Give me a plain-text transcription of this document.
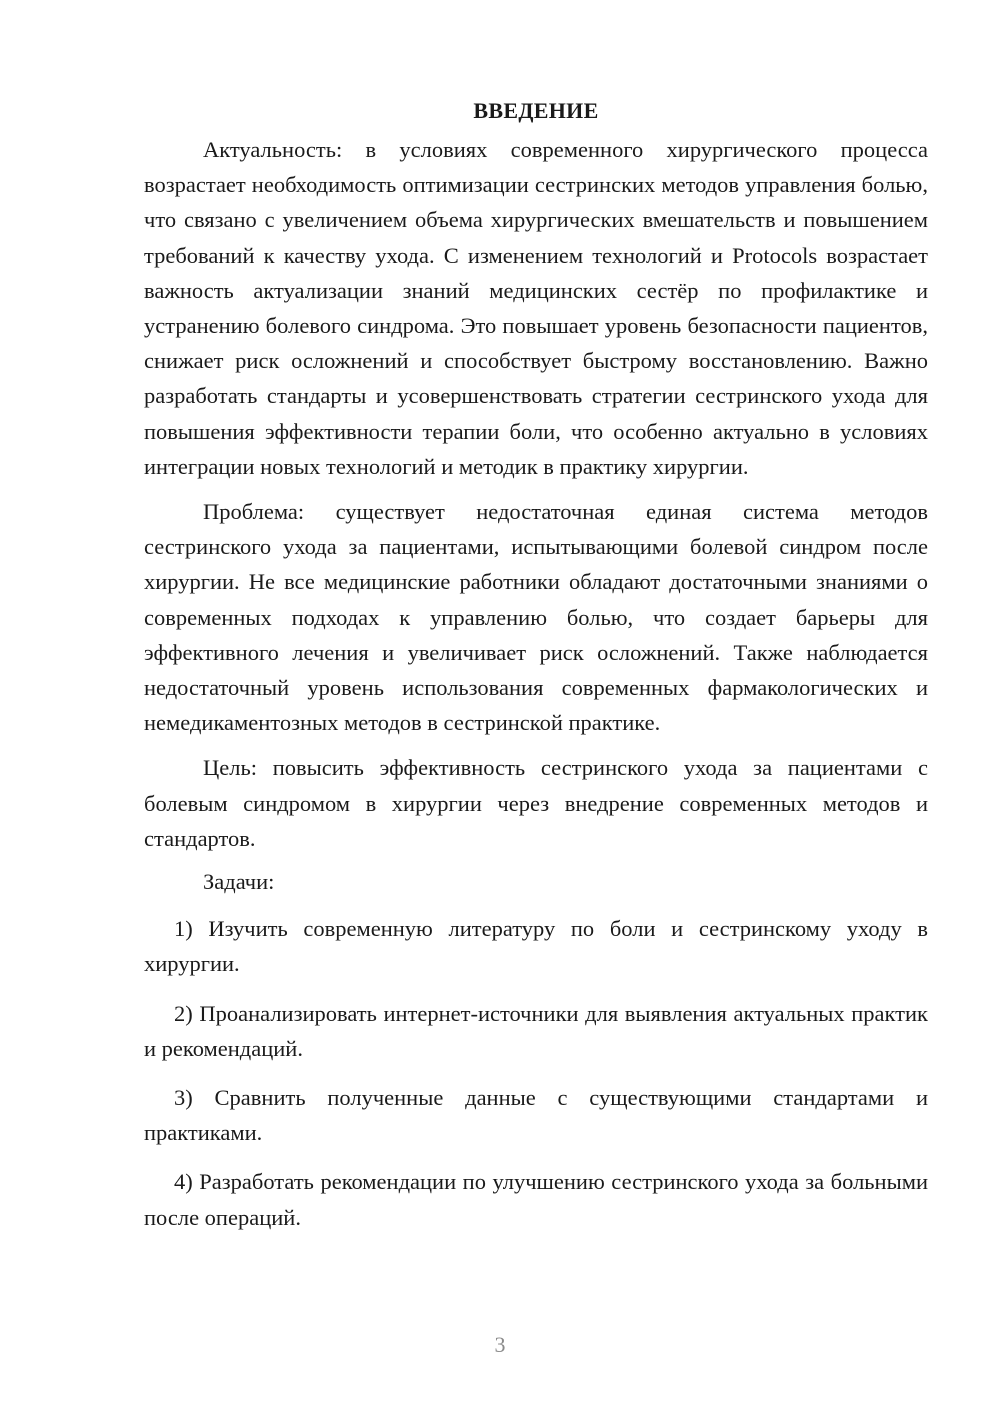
ВВЕДЕНИЕ

Актуальность: в условиях современного хирургического процесса возрастает необходимость оптимизации сестринских методов управления болью, что связано с увеличением объема хирургических вмешательств и повышением требований к качеству ухода. С изменением технологий и Protocols возрастает важность актуализации знаний медицинских сестёр по профилактике и устранению болевого синдрома. Это повышает уровень безопасности пациентов, снижает риск осложнений и способствует быстрому восстановлению. Важно разработать стандарты и усовершенствовать стратегии сестринского ухода для повышения эффективности терапии боли, что особенно актуально в условиях интеграции новых технологий и методик в практику хирургии.

Проблема: существует недостаточная единая система методов сестринского ухода за пациентами, испытывающими болевой синдром после хирургии. Не все медицинские работники обладают достаточными знаниями о современных подходах к управлению болью, что создает барьеры для эффективного лечения и увеличивает риск осложнений. Также наблюдается недостаточный уровень использования современных фармакологических и немедикаментозных методов в сестринской практике.

Цель: повысить эффективность сестринского ухода за пациентами с болевым синдромом в хирургии через внедрение современных методов и стандартов.

Задачи:

1) Изучить современную литературу по боли и сестринскому уходу в хирургии.

2) Проанализировать интернет-источники для выявления актуальных практик и рекомендаций.

3) Сравнить полученные данные с существующими стандартами и практиками.

4) Разработать рекомендации по улучшению сестринского ухода за больными после операций.

3
